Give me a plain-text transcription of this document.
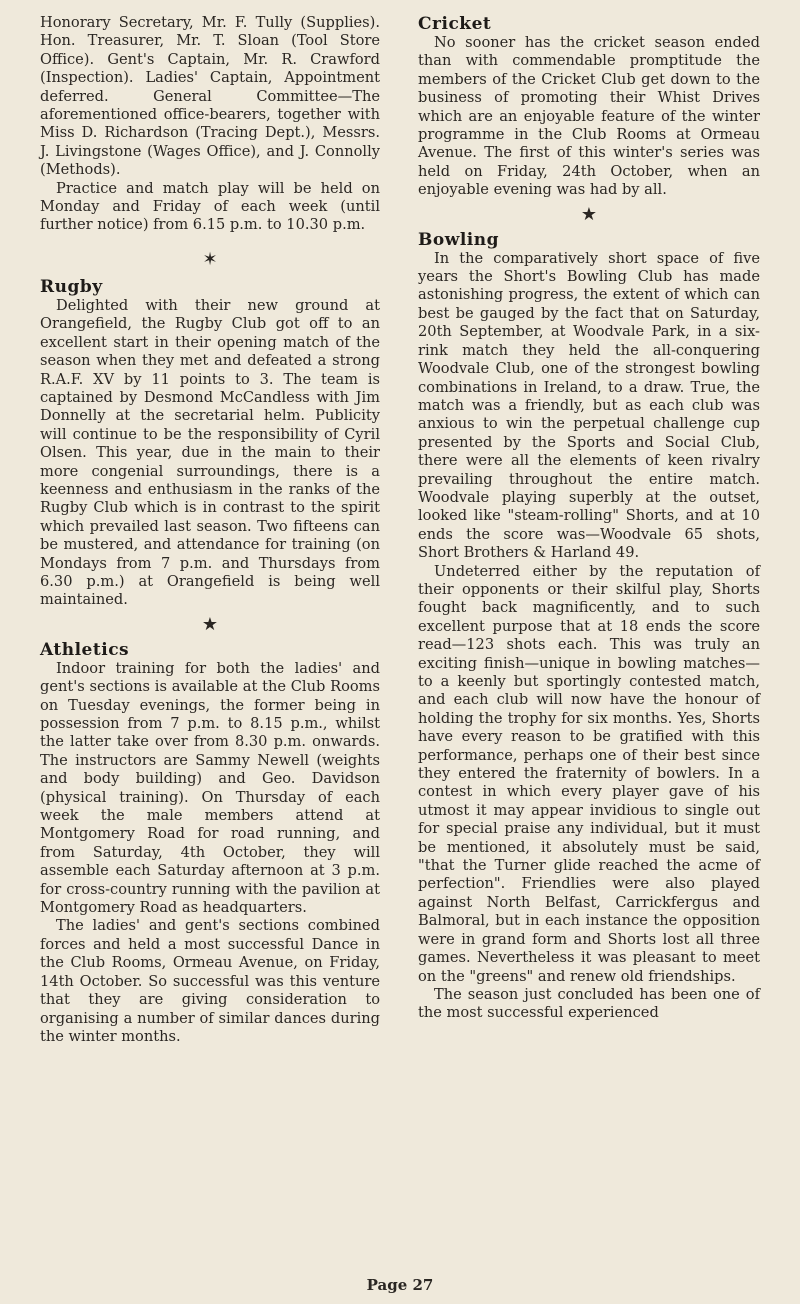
Honorary Secretary, Mr. F. Tully (Supplies). Hon. Treasurer, Mr. T. Sloan (Tool Store Office). Gent's Captain, Mr. R. Crawford (Inspection). Ladies' Captain, Appointment deferred. General Committee—The aforementioned office-bearers, together with Miss D. Richardson (Tracing Dept.), Messrs. J. Livingstone (Wages Office), and J. Connolly (Methods).

Practice and match play will be held on Monday and Friday of each week (until further notice) from 6.15 p.m. to 10.30 p.m.

✶
Rugby

Delighted with their new ground at Orangefield, the Rugby Club got off to an excellent start in their opening match of the season when they met and defeated a strong R.A.F. XV by 11 points to 3. The team is captained by Desmond McCandless with Jim Donnelly at the secretarial helm. Publicity will continue to be the responsibility of Cyril Olsen. This year, due in the main to their more congenial surroundings, there is a keenness and enthusiasm in the ranks of the Rugby Club which is in contrast to the spirit which prevailed last season. Two fifteens can be mustered, and attendance for training (on Mondays from 7 p.m. and Thursdays from 6.30 p.m.) at Orangefield is being well maintained.

★
Athletics

Indoor training for both the ladies' and gent's sections is available at the Club Rooms on Tuesday evenings, the former being in possession from 7 p.m. to 8.15 p.m., whilst the latter take over from 8.30 p.m. onwards. The instructors are Sammy Newell (weights and body building) and Geo. Davidson (physical training). On Thursday of each week the male members attend at Montgomery Road for road running, and from Saturday, 4th October, they will assemble each Saturday afternoon at 3 p.m. for cross-country running with the pavilion at Montgomery Road as headquarters.

The ladies' and gent's sections combined forces and held a most successful Dance in the Club Rooms, Ormeau Avenue, on Friday, 14th October. So successful was this venture that they are giving consideration to organising a number of similar dances during the winter months.

Cricket

No sooner has the cricket season ended than with commendable promptitude the members of the Cricket Club get down to the business of promoting their Whist Drives which are an enjoyable feature of the winter programme in the Club Rooms at Ormeau Avenue. The first of this winter's series was held on Friday, 24th October, when an enjoyable evening was had by all.

★
Bowling

In the comparatively short space of five years the Short's Bowling Club has made astonishing progress, the extent of which can best be gauged by the fact that on Saturday, 20th September, at Woodvale Park, in a six-rink match they held the all-conquering Woodvale Club, one of the strongest bowling combinations in Ireland, to a draw. True, the match was a friendly, but as each club was anxious to win the perpetual challenge cup presented by the Sports and Social Club, there were all the elements of keen rivalry prevailing throughout the entire match. Woodvale playing superbly at the outset, looked like "steam-rolling" Shorts, and at 10 ends the score was—Woodvale 65 shots, Short Brothers & Harland 49.

Undeterred either by the reputation of their opponents or their skilful play, Shorts fought back magnificently, and to such excellent purpose that at 18 ends the score read—123 shots each. This was truly an exciting finish—unique in bowling matches—to a keenly but sportingly contested match, and each club will now have the honour of holding the trophy for six months. Yes, Shorts have every reason to be gratified with this performance, perhaps one of their best since they entered the fraternity of bowlers. In a contest in which every player gave of his utmost it may appear invidious to single out for special praise any individual, but it must be mentioned, it absolutely must be said, "that the Turner glide reached the acme of perfection". Friendlies were also played against North Belfast, Carrickfergus and Balmoral, but in each instance the opposition were in grand form and Shorts lost all three games. Nevertheless it was pleasant to meet on the "greens" and renew old friendships.

The season just concluded has been one of the most successful experienced

Page 27
